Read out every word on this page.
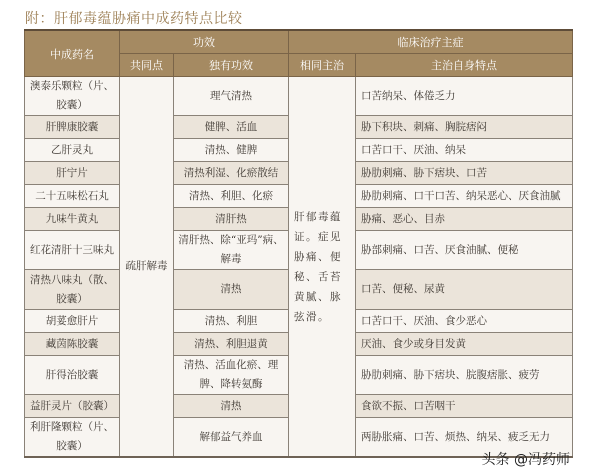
附：肝郁毒蕴胁痛中成药特点比较
中成药名	功效		临床治疗主症	
	共同点	独有功效	相同主治	主治自身特点
澳泰乐颗粒（片、胶囊）	疏肝解毒	理气清热	肝郁毒蕴证。症见胁痛、便秘、舌苔黄腻、脉弦滑。	口苦纳呆、体倦乏力
肝脾康胶囊		健脾、活血		胁下积块、刺痛、胸脘痞闷
乙肝灵丸		清热、健脾		口苦口干、厌油、纳呆
肝宁片		清热利湿、化瘀散结		胁肋刺痛、胁下痞块、口苦
二十五味松石丸		清热、利胆、化瘀		胁肋刺痛、口干口苦、纳呆恶心、厌食油腻
九味牛黄丸		清肝热		胁痛、恶心、目赤
红花清肝十三味丸		清肝热、除“亚玛”病、解毒		胁部刺痛、口苦、厌食油腻、便秘
清热八味丸（散、胶囊）		清热		口苦、便秘、尿黄
胡荽愈肝片		清热、利胆		口苦口干、厌油、食少恶心
藏茵陈胶囊		清热、利胆退黄		厌油、食少或身目发黄
肝得治胶囊		清热、活血化瘀、理脾、降转氨酶		胁肋刺痛、胁下痞块、脘腹痞胀、疲劳
益肝灵片（胶囊）		清热		食欲不振、口苦咽干
利肝隆颗粒（片、胶囊）		解郁益气养血		两胁胀痛、口苦、烦热、纳呆、疲乏无力
头条 @冯药师
